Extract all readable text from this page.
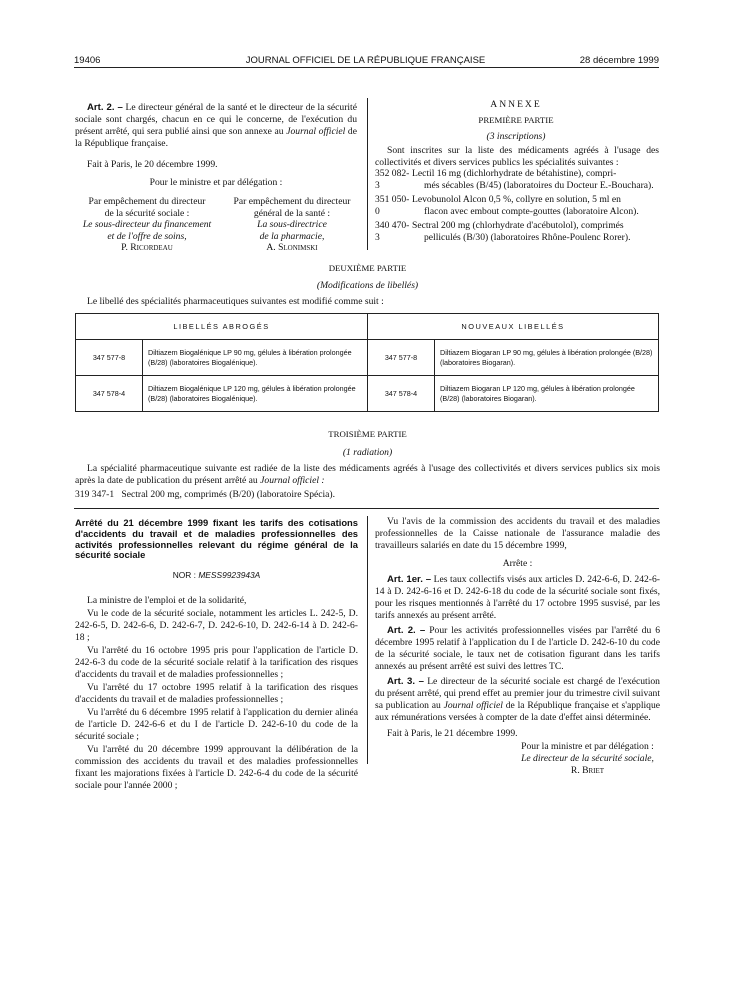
19406	JOURNAL OFFICIEL DE LA RÉPUBLIQUE FRANÇAISE	28 décembre 1999
Art. 2. – Le directeur général de la santé et le directeur de la sécurité sociale sont chargés, chacun en ce qui le concerne, de l'exécution du présent arrêté, qui sera publié ainsi que son annexe au Journal officiel de la République française.
Fait à Paris, le 20 décembre 1999.
Pour le ministre et par délégation :
Par empêchement du directeur
de la sécurité sociale :
Le sous-directeur du financement
et de l'offre de soins,
P. Ricordeau
Par empêchement du directeur
général de la santé :
La sous-directrice
de la pharmacie,
A. Slonimski
ANNEXE
PREMIÈRE PARTIE
(3 inscriptions)
Sont inscrites sur la liste des médicaments agréés à l'usage des collectivités et divers services publics les spécialités suivantes :
352 082-3
Lectil 16 mg (dichlorhydrate de bétahistine), compri-
més sécables (B/45) (laboratoires du Docteur E.-Bouchara).
351 050-0
Levobunolol Alcon 0,5 %, collyre en solution, 5 ml en
flacon avec embout compte-gouttes (laboratoire Alcon).
340 470-3
Sectral 200 mg (chlorhydrate d'acébutolol), comprimés
pelliculés (B/30) (laboratoires Rhône-Poulenc Rorer).
DEUXIÈME PARTIE
(Modifications de libellés)
Le libellé des spécialités pharmaceutiques suivantes est modifié comme suit :
LIBELLÉS ABROGÉS		NOUVEAUX LIBELLÉS	
347 577-8	Diltiazem Biogalénique LP 90 mg, gélules à libération prolongée (B/28) (laboratoires Biogalénique).	347 577-8	Diltiazem Biogaran LP 90 mg, gélules à libération prolongée (B/28) (laboratoires Biogaran).
347 578-4	Diltiazem Biogalénique LP 120 mg, gélules à libération prolongée (B/28) (laboratoires Biogalénique).	347 578-4	Diltiazem Biogaran LP 120 mg, gélules à libération prolongée (B/28) (laboratoires Biogaran).
TROISIÈME PARTIE
(1 radiation)
La spécialité pharmaceutique suivante est radiée de la liste des médicaments agréés à l'usage des collectivités et divers services publics six mois après la date de publication du présent arrêté au Journal officiel :
319 347-1   Sectral 200 mg, comprimés (B/20) (laboratoire Spécia).
Arrêté du 21 décembre 1999 fixant les tarifs des cotisations d'accidents du travail et de maladies professionnelles des activités professionnelles relevant du régime général de la sécurité sociale
NOR : MESS9923943A

La ministre de l'emploi et de la solidarité,

Vu le code de la sécurité sociale, notamment les articles L. 242-5, D. 242-6-5, D. 242-6-6, D. 242-6-7, D. 242-6-10, D. 242-6-14 à D. 242-6-18 ;

Vu l'arrêté du 16 octobre 1995 pris pour l'application de l'article D. 242-6-3 du code de la sécurité sociale relatif à la tarification des risques d'accidents du travail et de maladies professionnelles ;

Vu l'arrêté du 17 octobre 1995 relatif à la tarification des risques d'accidents du travail et de maladies professionnelles ;

Vu l'arrêté du 6 décembre 1995 relatif à l'application du dernier alinéa de l'article D. 242-6-6 et du I de l'article D. 242-6-10 du code de la sécurité sociale ;

Vu l'arrêté du 20 décembre 1999 approuvant la délibération de la commission des accidents du travail et des maladies professionnelles fixant les majorations fixées à l'article D. 242-6-4 du code de la sécurité sociale pour l'année 2000 ;

Vu l'avis de la commission des accidents du travail et des maladies professionnelles de la Caisse nationale de l'assurance maladie des travailleurs salariés en date du 15 décembre 1999,

Arrête :

Art. 1er. – Les taux collectifs visés aux articles D. 242-6-6, D. 242-6-14 à D. 242-6-16 et D. 242-6-18 du code de la sécurité sociale sont fixés, pour les risques mentionnés à l'arrêté du 17 octobre 1995 susvisé, par les tarifs annexés au présent arrêté.

Art. 2. – Pour les activités professionnelles visées par l'arrêté du 6 décembre 1995 relatif à l'application du I de l'article D. 242-6-10 du code de la sécurité sociale, le taux net de cotisation figurant dans les tarifs annexés au présent arrêté est suivi des lettres TC.

Art. 3. – Le directeur de la sécurité sociale est chargé de l'exécution du présent arrêté, qui prend effet au premier jour du trimestre civil suivant sa publication au Journal officiel de la République française et s'applique aux rémunérations versées à compter de la date d'effet ainsi déterminée.

Fait à Paris, le 21 décembre 1999.

Pour la ministre et par délégation :
Le directeur de la sécurité sociale,
R. Briet
